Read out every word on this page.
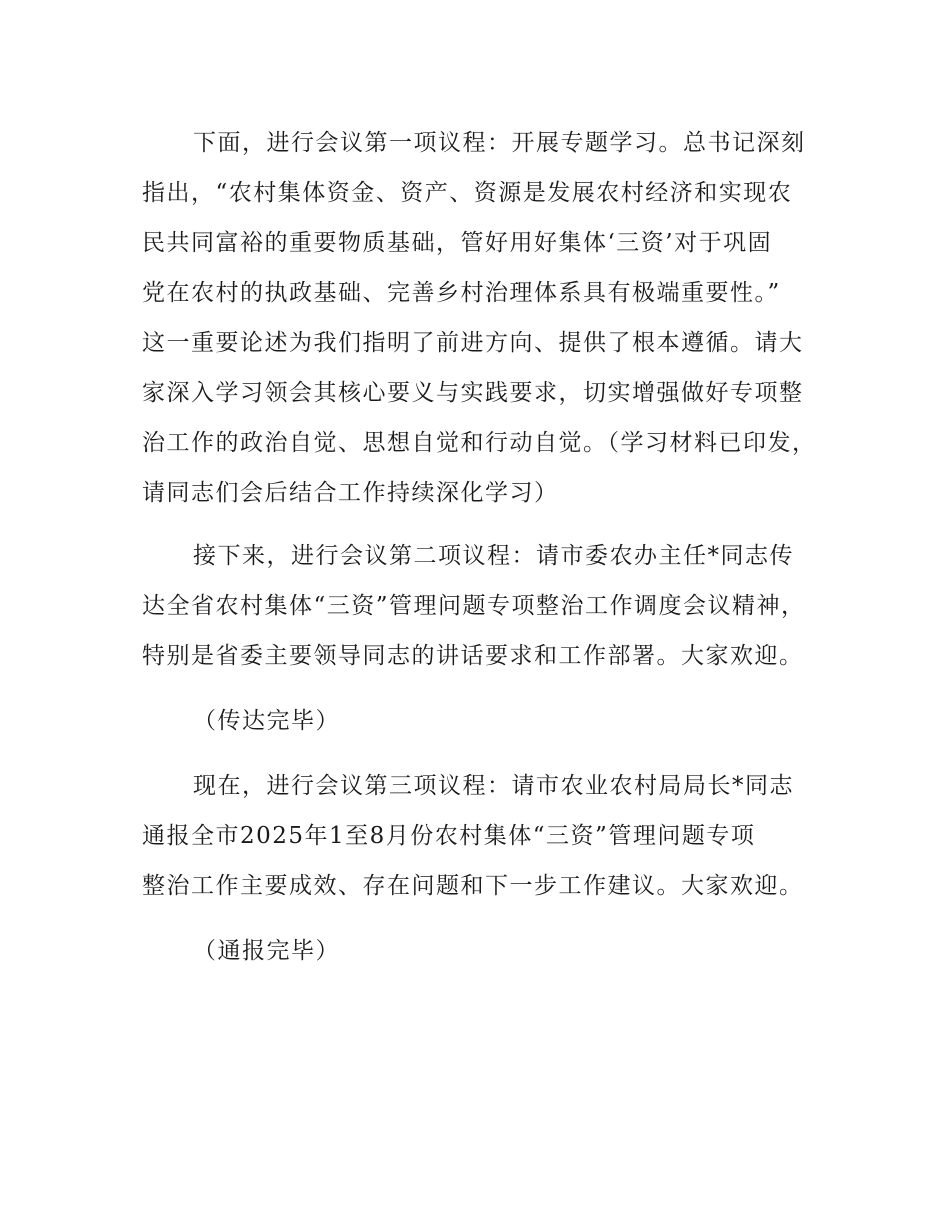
下面，进行会议第一项议程：开展专题学习。总书记深刻
指出，“农村集体资金、资产、资源是发展农村经济和实现农
民共同富裕的重要物质基础，管好用好集体‘三资’对于巩固
党在农村的执政基础、完善乡村治理体系具有极端重要性。”
这一重要论述为我们指明了前进方向、提供了根本遵循。请大
家深入学习领会其核心要义与实践要求，切实增强做好专项整
治工作的政治自觉、思想自觉和行动自觉。（学习材料已印发，
请同志们会后结合工作持续深化学习）
接下来，进行会议第二项议程：请市委农办主任*同志传
达全省农村集体“三资”管理问题专项整治工作调度会议精神，
特别是省委主要领导同志的讲话要求和工作部署。大家欢迎。
（传达完毕）
现在，进行会议第三项议程：请市农业农村局局长*同志
通报全市2025年1至8月份农村集体“三资”管理问题专项
整治工作主要成效、存在问题和下一步工作建议。大家欢迎。
（通报完毕）
